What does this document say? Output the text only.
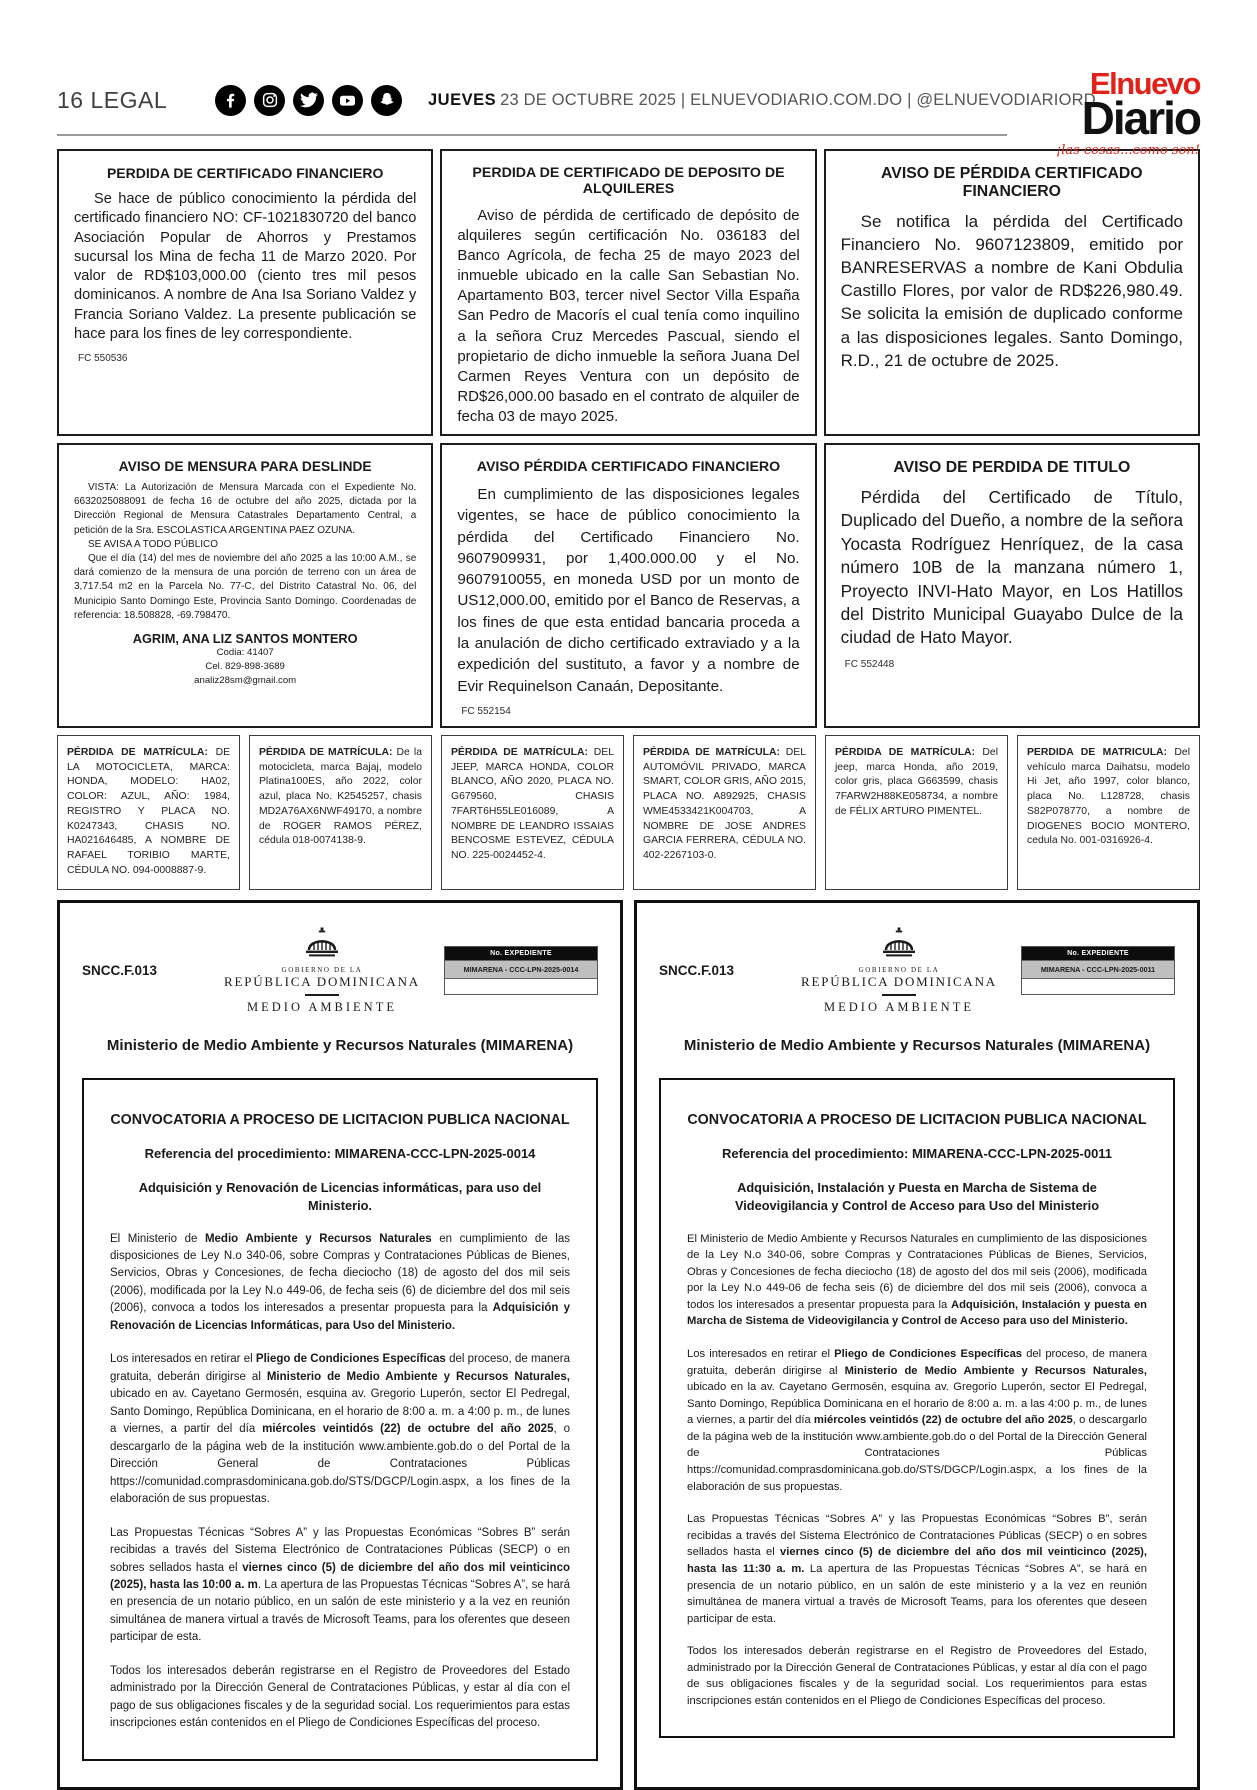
16 LEGAL	JUEVES 23 DE OCTUBRE 2025 | ELNUEVODIARIO.COM.DO | @ELNUEVODIARIORD
Elnuevo
Diario
¡las cosas...como son!
PERDIDA DE CERTIFICADO FINANCIERO

Se hace de público conocimiento la pérdida del certificado financiero NO: CF-1021830720 del banco Asociación Popular de Ahorros y Prestamos sucursal los Mina de fecha 11 de Marzo 2020. Por valor de RD$103,000.00 (ciento tres mil pesos dominicanos. A nombre de Ana Isa Soriano Valdez y Francia Soriano Valdez. La presente publicación se hace para los fines de ley correspondiente.

FC 550536
PERDIDA DE CERTIFICADO DE DEPOSITO DE ALQUILERES

Aviso de pérdida de certificado de depósito de alquileres según certificación No. 036183 del Banco Agrícola, de fecha 25 de mayo 2023 del inmueble ubicado en la calle San Sebastian No. Apartamento B03, tercer nivel Sector Villa España San Pedro de Macorís el cual tenía como inquilino a la señora Cruz Mercedes Pascual, siendo el propietario de dicho inmueble la señora Juana Del Carmen Reyes Ventura con un depósito de RD$26,000.00 basado en el contrato de alquiler de fecha 03 de mayo 2025.

AVISO DE PÉRDIDA CERTIFICADO FINANCIERO

Se notifica la pérdida del Certificado Financiero No. 9607123809, emitido por BANRESERVAS a nombre de Kani Obdulia Castillo Flores, por valor de RD$226,980.49. Se solicita la emisión de duplicado conforme a las disposiciones legales. Santo Domingo, R.D., 21 de octubre de 2025.

AVISO DE MENSURA PARA DESLINDE

VISTA: La Autorización de Mensura Marcada con el Expediente No. 6632025088091 de fecha 16 de octubre del año 2025, dictada por la Dirección Regional de Mensura Catastrales Departamento Central, a petición de la Sra. ESCOLASTICA ARGENTINA PAEZ OZUNA.

SE AVISA A TODO PÚBLICO

Que el día (14) del mes de noviembre del año 2025 a las 10:00 A.M., se dará comienzo de la mensura de una porción de terreno con un área de 3,717.54 m2 en la Parcela No. 77-C, del Distrito Catastral No. 06, del Municipio Santo Domingo Este, Provincia Santo Domingo. Coordenadas de referencia: 18.508828, -69.798470.

AGRIM, ANA LIZ SANTOS MONTERO
Codia: 41407
Cel. 829-898-3689
analiz28sm@gmail.com
AVISO PÉRDIDA CERTIFICADO FINANCIERO

En cumplimiento de las disposiciones legales vigentes, se hace de público conocimiento la pérdida del Certificado Financiero No. 9607909931, por 1,400.000.00 y el No. 9607910055, en moneda USD por un monto de US12,000.00, emitido por el Banco de Reservas, a los fines de que esta entidad bancaria proceda a la anulación de dicho certificado extraviado y a la expedición del sustituto, a favor y a nombre de Evir Requinelson Canaán, Depositante.

FC 552154
AVISO DE PERDIDA DE TITULO

Pérdida del Certificado de Título, Duplicado del Dueño, a nombre de la señora Yocasta Rodríguez Henríquez, de la casa número 10B de la manzana número 1, Proyecto INVI-Hato Mayor, en Los Hatillos del Distrito Municipal Guayabo Dulce de la ciudad de Hato Mayor.

FC 552448
PÉRDIDA DE MATRÍCULA: DE LA MOTOCICLETA, MARCA: HONDA, MODELO: HA02, COLOR: AZUL, AÑO: 1984, REGISTRO Y PLACA NO. K0247343, CHASIS NO. HA021646485, A NOMBRE DE RAFAEL TORIBIO MARTE, CÉDULA NO. 094-0008887-9.
PÉRDIDA DE MATRÍCULA: De la motocicleta, marca Bajaj, modelo Platina100ES, año 2022, color azul, placa No. K2545257, chasis MD2A76AX6NWF49170, a nombre de ROGER RAMOS PÉREZ, cédula 018-0074138-9.
PÉRDIDA DE MATRÍCULA: DEL JEEP, MARCA HONDA, COLOR BLANCO, AÑO 2020, PLACA NO. G679560, CHASIS 7FART6H55LE016089, A NOMBRE DE LEANDRO ISSAIAS BENCOSME ESTEVEZ, CÉDULA NO. 225-0024452-4.
PÉRDIDA DE MATRÍCULA: DEL AUTOMÓVIL PRIVADO, MARCA SMART, COLOR GRIS, AÑO 2015, PLACA NO. A892925, CHASIS WME4533421K004703, A NOMBRE DE JOSE ANDRES GARCIA FERRERA, CÉDULA NO. 402-2267103-0.
PÉRDIDA DE MATRÍCULA: Del jeep, marca Honda, año 2019, color gris, placa G663599, chasis 7FARW2H88KE058734, a nombre de FÉLIX ARTURO PIMENTEL.
PERDIDA DE MATRICULA: Del vehículo marca Daihatsu, modelo Hi Jet, año 1997, color blanco, placa No. L128728, chasis S82P078770, a nombre de DIOGENES BOCIO MONTERO, cedula No. 001-0316926-4.
SNCC.F.013	GOBIERNO DE LA
REPÚBLICA DOMINICANA
MEDIO AMBIENTE
No. EXPEDIENTE
MIMARENA - CCC-LPN-2025-0014
Ministerio de Medio Ambiente y Recursos Naturales (MIMARENA)
CONVOCATORIA A PROCESO DE LICITACION PUBLICA NACIONAL
Referencia del procedimiento: MIMARENA-CCC-LPN-2025-0014
Adquisición y Renovación de Licencias informáticas, para uso del Ministerio.

El Ministerio de Medio Ambiente y Recursos Naturales en cumplimiento de las disposiciones de Ley N.o 340-06, sobre Compras y Contrataciones Públicas de Bienes, Servicios, Obras y Concesiones, de fecha dieciocho (18) de agosto del dos mil seis (2006), modificada por la Ley N.o 449-06, de fecha seis (6) de diciembre del dos mil seis (2006), convoca a todos los interesados a presentar propuesta para la Adquisición y Renovación de Licencias Informáticas, para Uso del Ministerio.

Los interesados en retirar el Pliego de Condiciones Específicas del proceso, de manera gratuita, deberán dirigirse al Ministerio de Medio Ambiente y Recursos Naturales, ubicado en av. Cayetano Germosén, esquina av. Gregorio Luperón, sector El Pedregal, Santo Domingo, República Dominicana, en el horario de 8:00 a. m. a 4:00 p. m., de lunes a viernes, a partir del día miércoles veintidós (22) de octubre del año 2025, o descargarlo de la página web de la institución www.ambiente.gob.do o del Portal de la Dirección General de Contrataciones Públicas https://comunidad.comprasdominicana.gob.do/STS/DGCP/Login.aspx, a los fines de la elaboración de sus propuestas.

Las Propuestas Técnicas “Sobres A” y las Propuestas Económicas “Sobres B” serán recibidas a través del Sistema Electrónico de Contrataciones Públicas (SECP) o en sobres sellados hasta el viernes cinco (5) de diciembre del año dos mil veinticinco (2025), hasta las 10:00 a. m. La apertura de las Propuestas Técnicas “Sobres A”, se hará en presencia de un notario público, en un salón de este ministerio y a la vez en reunión simultánea de manera virtual a través de Microsoft Teams, para los oferentes que deseen participar de esta.

Todos los interesados deberán registrarse en el Registro de Proveedores del Estado administrado por la Dirección General de Contrataciones Públicas, y estar al día con el pago de sus obligaciones fiscales y de la seguridad social. Los requerimientos para estas inscripciones están contenidos en el Pliego de Condiciones Específicas del proceso.

SNCC.F.013	GOBIERNO DE LA
REPÚBLICA DOMINICANA
MEDIO AMBIENTE
No. EXPEDIENTE
MIMARENA - CCC-LPN-2025-0011
Ministerio de Medio Ambiente y Recursos Naturales (MIMARENA)
CONVOCATORIA A PROCESO DE LICITACION PUBLICA NACIONAL
Referencia del procedimiento: MIMARENA-CCC-LPN-2025-0011
Adquisición, Instalación y Puesta en Marcha de Sistema de Videovigilancia y Control de Acceso para Uso del Ministerio

El Ministerio de Medio Ambiente y Recursos Naturales en cumplimiento de las disposiciones de la Ley N.o 340-06, sobre Compras y Contrataciones Públicas de Bienes, Servicios, Obras y Concesiones de fecha dieciocho (18) de agosto del dos mil seis (2006), modificada por la Ley N.o 449-06 de fecha seis (6) de diciembre del dos mil seis (2006), convoca a todos los interesados a presentar propuesta para la Adquisición, Instalación y puesta en Marcha de Sistema de Videovigilancia y Control de Acceso para uso del Ministerio.

Los interesados en retirar el Pliego de Condiciones Específicas del proceso, de manera gratuita, deberán dirigirse al Ministerio de Medio Ambiente y Recursos Naturales, ubicado en la av. Cayetano Germosén, esquina av. Gregorio Luperón, sector El Pedregal, Santo Domingo, República Dominicana en el horario de 8:00 a. m. a las 4:00 p. m., de lunes a viernes, a partir del día miércoles veintidós (22) de octubre del año 2025, o descargarlo de la página web de la institución www.ambiente.gob.do o del Portal de la Dirección General de Contrataciones Públicas https://comunidad.comprasdominicana.gob.do/STS/DGCP/Login.aspx, a los fines de la elaboración de sus propuestas.

Las Propuestas Técnicas “Sobres A” y las Propuestas Económicas “Sobres B”, serán recibidas a través del Sistema Electrónico de Contrataciones Públicas (SECP) o en sobres sellados hasta el viernes cinco (5) de diciembre del año dos mil veinticinco (2025), hasta las 11:30 a. m. La apertura de las Propuestas Técnicas “Sobres A”, se hará en presencia de un notario público, en un salón de este ministerio y a la vez en reunión simultánea de manera virtual a través de Microsoft Teams, para los oferentes que deseen participar de esta.

Todos los interesados deberán registrarse en el Registro de Proveedores del Estado, administrado por la Dirección General de Contrataciones Públicas, y estar al día con el pago de sus obligaciones fiscales y de la seguridad social. Los requerimientos para estas inscripciones están contenidos en el Pliego de Condiciones Específicas del proceso.
